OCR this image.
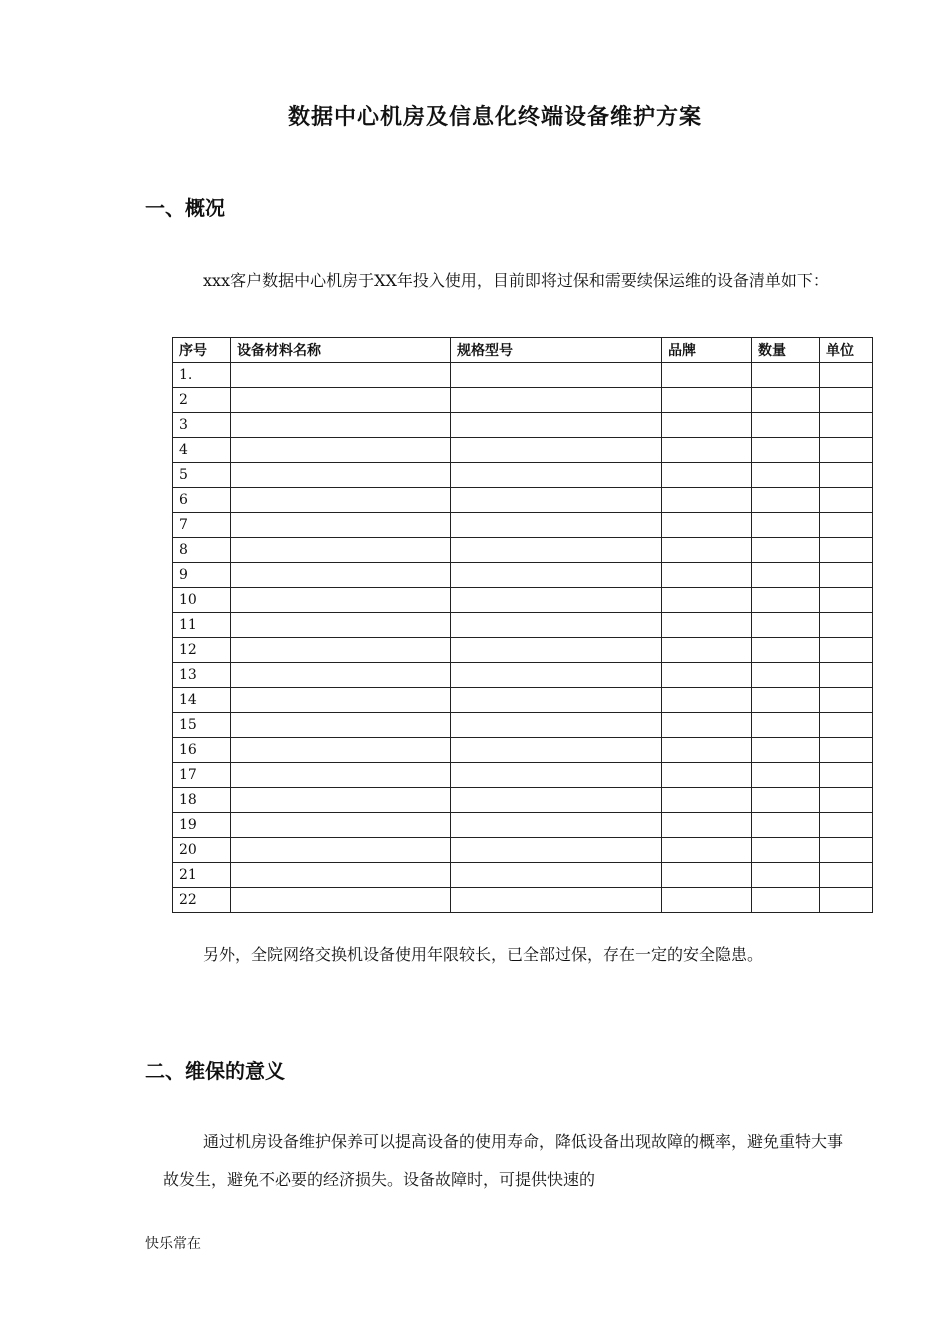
数据中心机房及信息化终端设备维护方案
一、概况
xxx客户数据中心机房于XX年投入使用，目前即将过保和需要续保运维的设备清单如下：
序号	设备材料名称	规格型号	品牌	数量	单位
1.					
2					
3					
4					
5					
6					
7					
8					
9					
10					
11					
12					
13					
14					
15					
16					
17					
18					
19					
20					
21					
22					
另外，全院网络交换机设备使用年限较长，已全部过保，存在一定的安全隐患。
二、维保的意义
通过机房设备维护保养可以提高设备的使用寿命，降低设备出现故障的概率，避免重特大事故发生，避免不必要的经济损失。设备故障时，可提供快速的
快乐常在
